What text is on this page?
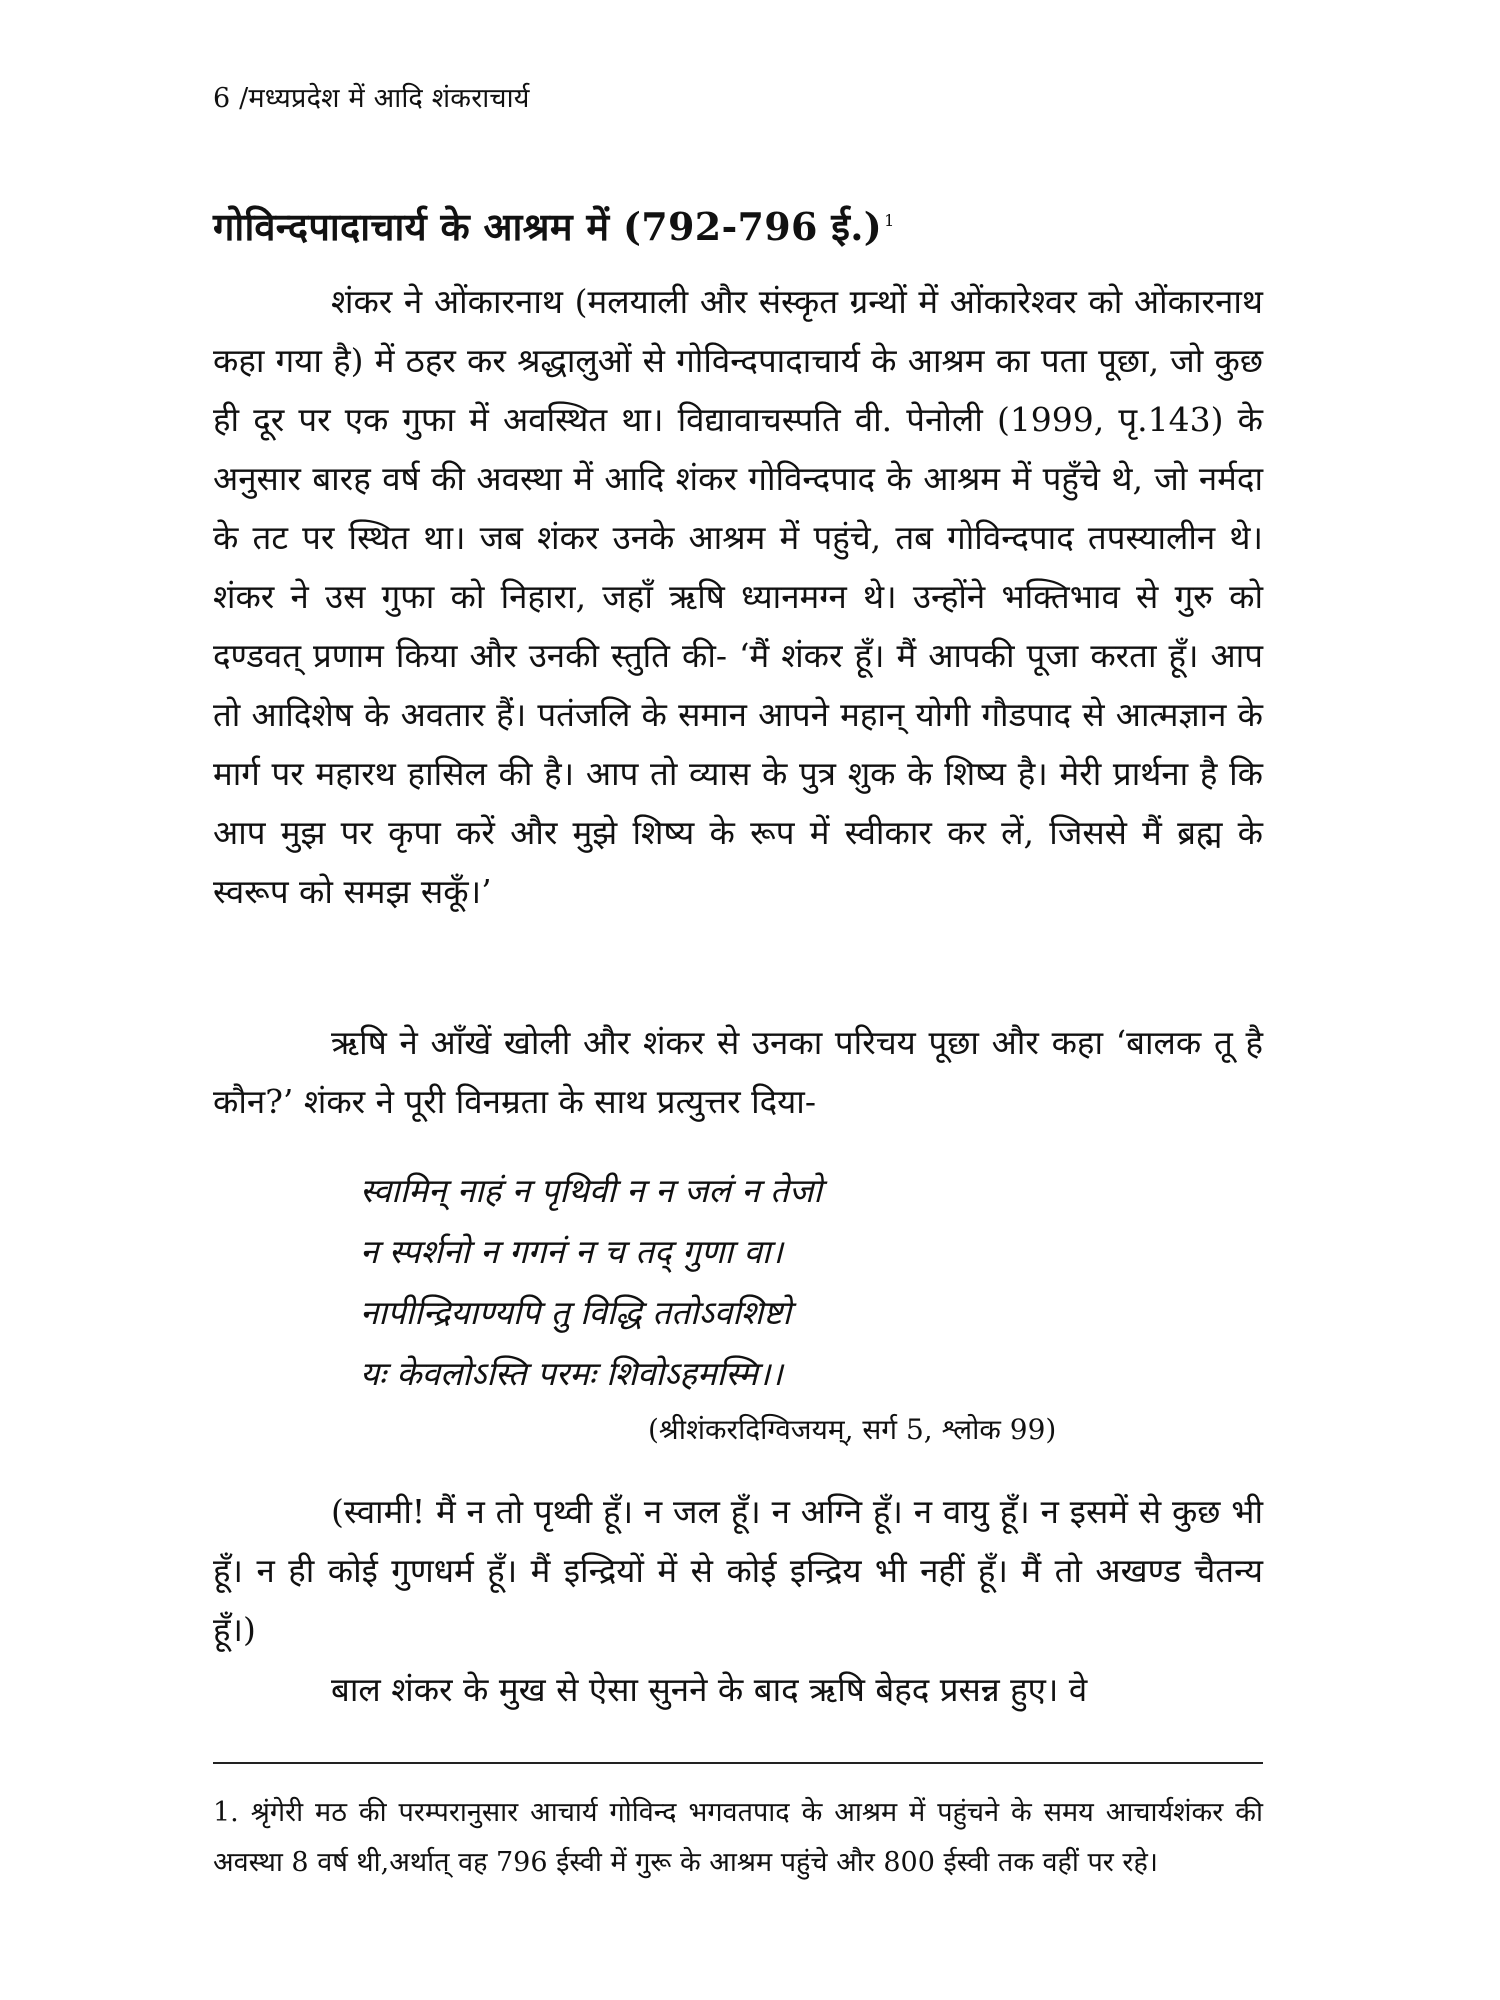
6 /मध्यप्रदेश में आदि शंकराचार्य
गोविन्दपादाचार्य के आश्रम में (792-796 ई.) $^1$

शंकर ने ओंकारनाथ (मलयाली और संस्कृत ग्रन्थों में ओंकारेश्वर को ओंकारनाथ कहा गया है) में ठहर कर श्रद्धालुओं से गोविन्दपादाचार्य के आश्रम का पता पूछा, जो कुछ ही दूर पर एक गुफा में अवस्थित था। विद्यावाचस्पति वी. पेनोली (1999, पृ.143) के अनुसार बारह वर्ष की अवस्था में आदि शंकर गोविन्दपाद के आश्रम में पहुँचे थे, जो नर्मदा के तट पर स्थित था। जब शंकर उनके आश्रम में पहुंचे, तब गोविन्दपाद तपस्यालीन थे। शंकर ने उस गुफा को निहारा, जहाँ ऋषि ध्यानमग्न थे। उन्होंने भक्तिभाव से गुरु को दण्डवत् प्रणाम किया और उनकी स्तुति की- ‘मैं शंकर हूँ। मैं आपकी पूजा करता हूँ। आप तो आदिशेष के अवतार हैं। पतंजलि के समान आपने महान् योगी गौडपाद से आत्मज्ञान के मार्ग पर महारथ हासिल की है। आप तो व्यास के पुत्र शुक के शिष्य है। मेरी प्रार्थना है कि आप मुझ पर कृपा करें और मुझे शिष्य के रूप में स्वीकार कर लें, जिससे मैं ब्रह्म के स्वरूप को समझ सकूँ।’

ऋषि ने आँखें खोली और शंकर से उनका परिचय पूछा और कहा ‘बालक तू है कौन?’ शंकर ने पूरी विनम्रता के साथ प्रत्युत्तर दिया-

स्वामिन् नाहं न पृथिवी न न जलं न तेजो
न स्पर्शनो न गगनं न च तद् गुणा वा।
नापीन्द्रियाण्यपि तु विद्धि ततोऽवशिष्टो
यः केवलोऽस्ति परमः शिवोऽहमस्मि।।
(श्रीशंकरदिग्विजयम्, सर्ग 5, श्लोक 99)

(स्वामी! मैं न तो पृथ्वी हूँ। न जल हूँ। न अग्नि हूँ। न वायु हूँ। न इसमें से कुछ भी हूँ। न ही कोई गुणधर्म हूँ। मैं इन्द्रियों में से कोई इन्द्रिय भी नहीं हूँ। मैं तो अखण्ड चैतन्य हूँ।)

बाल शंकर के मुख से ऐसा सुनने के बाद ऋषि बेहद प्रसन्न हुए। वे

1. श्रृंगेरी मठ की परम्परानुसार आचार्य गोविन्द भगवतपाद के आश्रम में पहुंचने के समय आचार्यशंकर की अवस्था 8 वर्ष थी,अर्थात् वह 796 ईस्वी में गुरू के आश्रम पहुंचे और 800 ईस्वी तक वहीं पर रहे।
